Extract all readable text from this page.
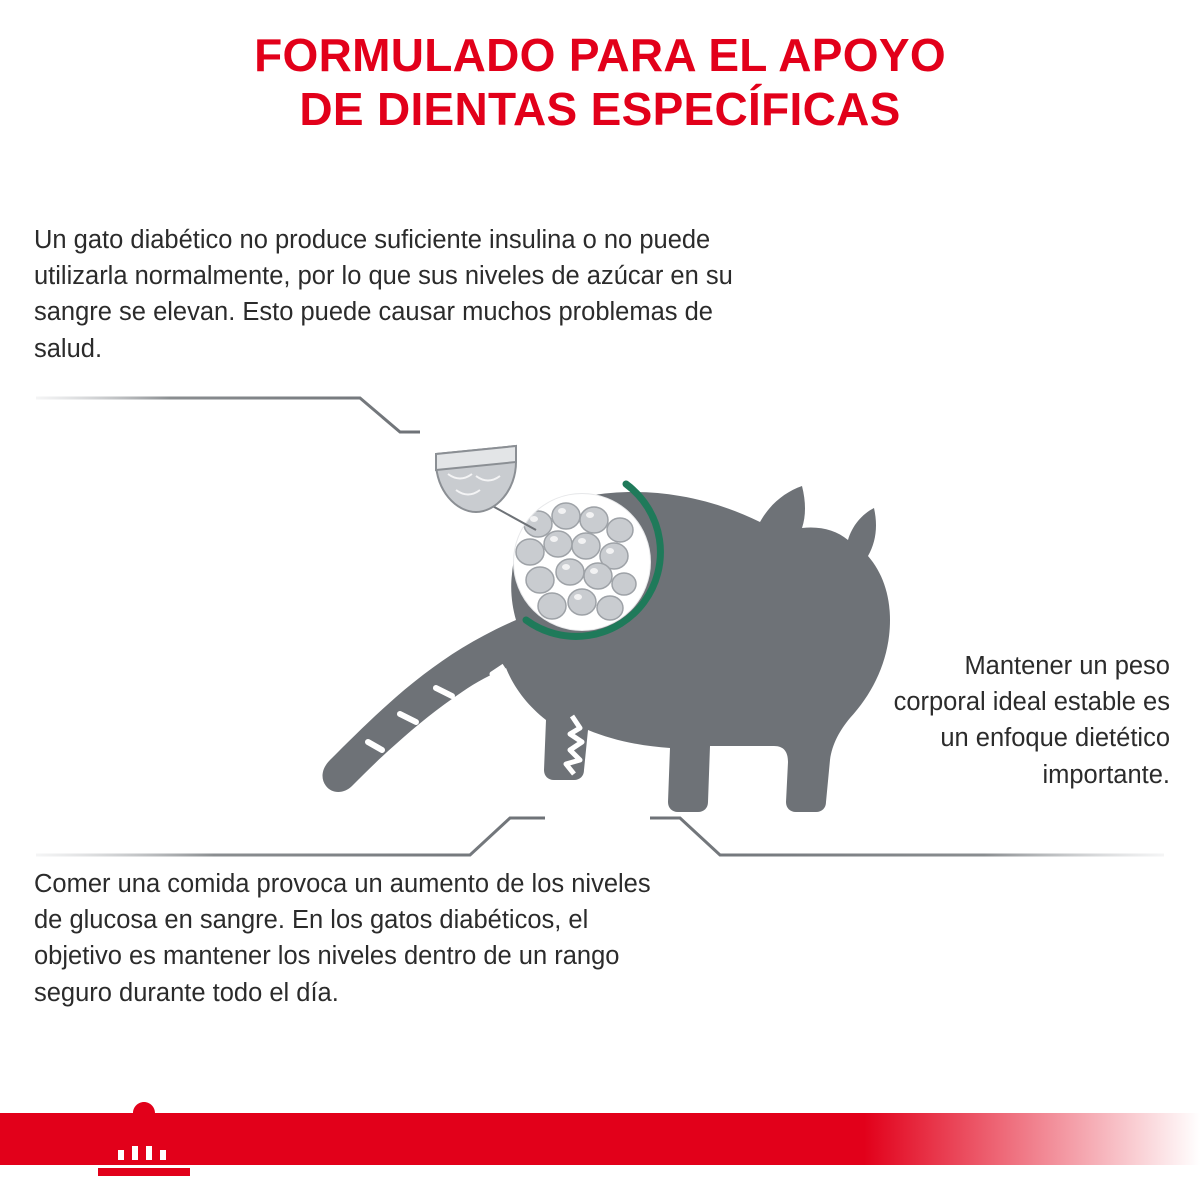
FORMULADO PARA EL APOYO
DE DIENTAS ESPECÍFICAS
Un gato diabético no produce suficiente insulina o no puede utilizarla normalmente, por lo que sus niveles de azúcar en su sangre se elevan. Esto puede causar muchos problemas de salud.
Mantener un peso corporal ideal estable es un enfoque dietético importante.
Comer una comida provoca un aumento de los niveles de glucosa en sangre. En los gatos diabéticos, el objetivo es mantener los niveles dentro de un rango seguro durante todo el día.
